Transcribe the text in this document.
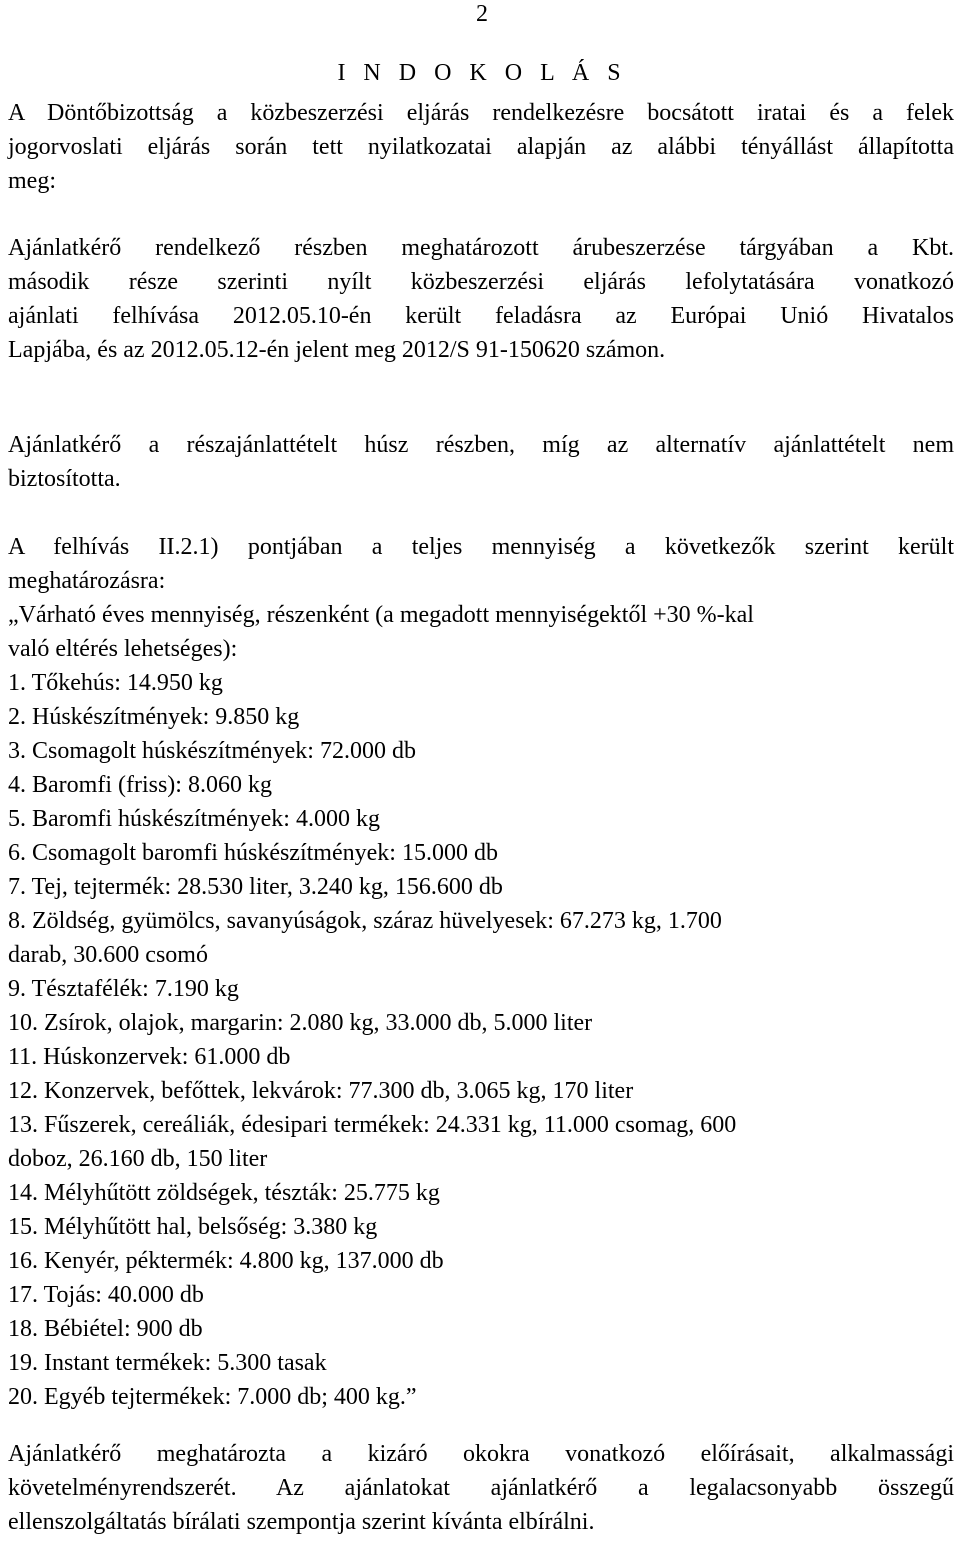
2
I N D O K O L Á S
A Döntőbizottság a közbeszerzési eljárás rendelkezésre bocsátott iratai és a felek
jogorvoslati eljárás során tett nyilatkozatai alapján az alábbi tényállást állapította
meg:
Ajánlatkérő rendelkező részben meghatározott árubeszerzése tárgyában a Kbt.
második része szerinti nyílt közbeszerzési eljárás lefolytatására vonatkozó
ajánlati felhívása 2012.05.10-én került feladásra az Európai Unió Hivatalos
Lapjába, és az 2012.05.12-én jelent meg 2012/S 91-150620 számon.
Ajánlatkérő a részajánlattételt húsz részben, míg az alternatív ajánlattételt nem
biztosította.
A felhívás II.2.1) pontjában a teljes mennyiség a következők szerint került
meghatározásra:
„Várható éves mennyiség, részenként (a megadott mennyiségektől +30 %-kal
való eltérés lehetséges):
1. Tőkehús: 14.950 kg
2. Húskészítmények: 9.850 kg
3. Csomagolt húskészítmények: 72.000 db
4. Baromfi (friss): 8.060 kg
5. Baromfi húskészítmények: 4.000 kg
6. Csomagolt baromfi húskészítmények: 15.000 db
7. Tej, tejtermék: 28.530 liter, 3.240 kg, 156.600 db
8. Zöldség, gyümölcs, savanyúságok, száraz hüvelyesek: 67.273 kg, 1.700
darab, 30.600 csomó
9. Tésztafélék: 7.190 kg
10. Zsírok, olajok, margarin: 2.080 kg, 33.000 db, 5.000 liter
11. Húskonzervek: 61.000 db
12. Konzervek, befőttek, lekvárok: 77.300 db, 3.065 kg, 170 liter
13. Fűszerek, cereáliák, édesipari termékek: 24.331 kg, 11.000 csomag, 600
doboz, 26.160 db, 150 liter
14. Mélyhűtött zöldségek, tészták: 25.775 kg
15. Mélyhűtött hal, belsőség: 3.380 kg
16. Kenyér, péktermék: 4.800 kg, 137.000 db
17. Tojás: 40.000 db
18. Bébiétel: 900 db
19. Instant termékek: 5.300 tasak
20. Egyéb tejtermékek: 7.000 db; 400 kg.”
Ajánlatkérő meghatározta a kizáró okokra vonatkozó előírásait, alkalmassági
követelményrendszerét. Az ajánlatokat ajánlatkérő a legalacsonyabb összegű
ellenszolgáltatás bírálati szempontja szerint kívánta elbírálni.
